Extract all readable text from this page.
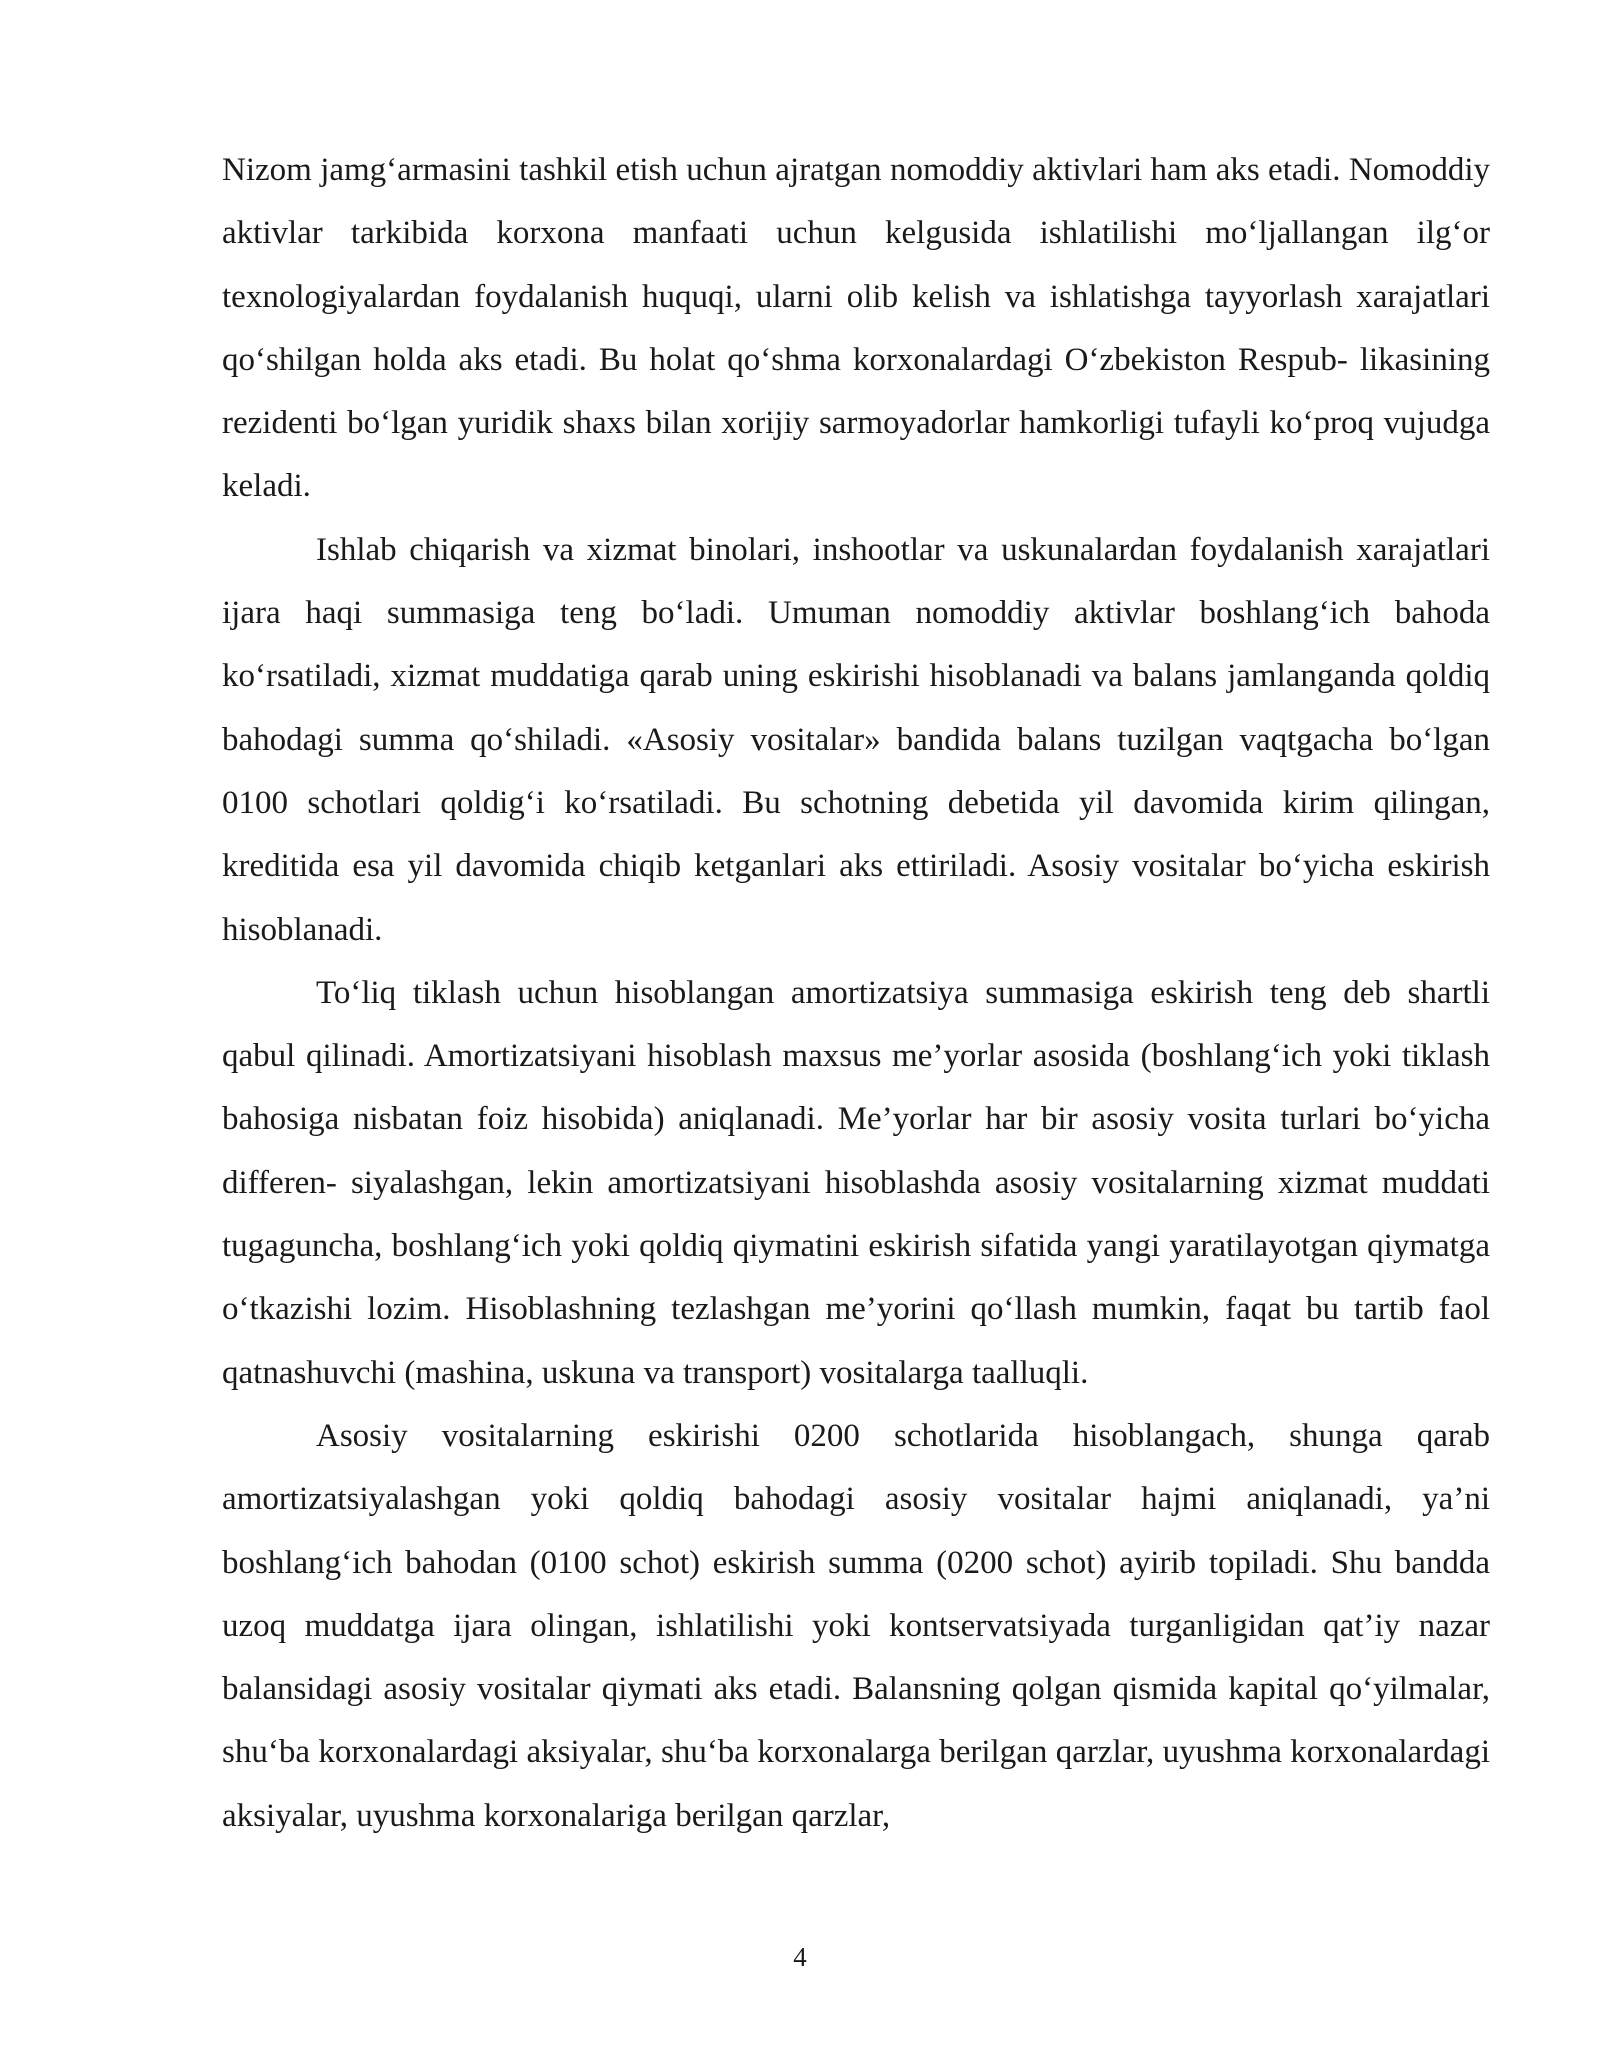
Nizom jamg‘armasini tashkil etish uchun ajratgan nomoddiy aktivlari ham aks etadi. Nomoddiy aktivlar tarkibida korxona manfaati uchun kelgusida ishlatilishi mo‘ljallangan ilg‘or texnologiyalardan foydalanish huquqi, ularni olib kelish va ishlatishga tayyorlash xarajatlari qo‘shilgan holda aks etadi. Bu holat qo‘shma korxonalardagi O‘zbekiston Respub- likasining rezidenti bo‘lgan yuridik shaxs bilan xorijiy sarmoyadorlar hamkorligi tufayli ko‘proq vujudga keladi.

Ishlab chiqarish va xizmat binolari, inshootlar va uskunalardan foydalanish xarajatlari ijara haqi summasiga teng bo‘ladi. Umuman nomoddiy aktivlar boshlang‘ich bahoda ko‘rsatiladi, xizmat muddatiga qarab uning eskirishi hisoblanadi va balans jamlanganda qoldiq bahodagi summa qo‘shiladi. «Asosiy vositalar» bandida balans tuzilgan vaqtgacha bo‘lgan 0100 schotlari qoldig‘i ko‘rsatiladi. Bu schotning debetida yil davomida kirim qilingan, kreditida esa yil davomida chiqib ketganlari aks ettiriladi. Asosiy vositalar bo‘yicha eskirish hisoblanadi.

To‘liq tiklash uchun hisoblangan amortizatsiya summasiga eskirish teng deb shartli qabul qilinadi. Amortizatsiyani hisoblash maxsus me’yorlar asosida (boshlang‘ich yoki tiklash bahosiga nisbatan foiz hisobida) aniqlanadi. Me’yorlar har bir asosiy vosita turlari bo‘yicha differen- siyalashgan, lekin amortizatsiyani hisoblashda asosiy vositalarning xizmat muddati tugaguncha, boshlang‘ich yoki qoldiq qiymatini eskirish sifatida yangi yaratilayotgan qiymatga o‘tkazishi lozim. Hisoblashning tezlashgan me’yorini qo‘llash mumkin, faqat bu tartib faol qatnashuvchi (mashina, uskuna va transport) vositalarga taalluqli.

Asosiy vositalarning eskirishi 0200 schotlarida hisoblangach, shunga qarab amortizatsiyalashgan yoki qoldiq bahodagi asosiy vositalar hajmi aniqlanadi, ya’ni boshlang‘ich bahodan (0100 schot) eskirish summa (0200 schot) ayirib topiladi. Shu bandda uzoq muddatga ijara olingan, ishlatilishi yoki kontservatsiyada turganligidan qat’iy nazar balansidagi asosiy vositalar qiymati aks etadi. Balansning qolgan qismida kapital qo‘yilmalar, shu‘ba korxonalardagi aksiyalar, shu‘ba korxonalarga berilgan qarzlar, uyushma korxonalardagi aksiyalar, uyushma korxonalariga berilgan qarzlar,

4
